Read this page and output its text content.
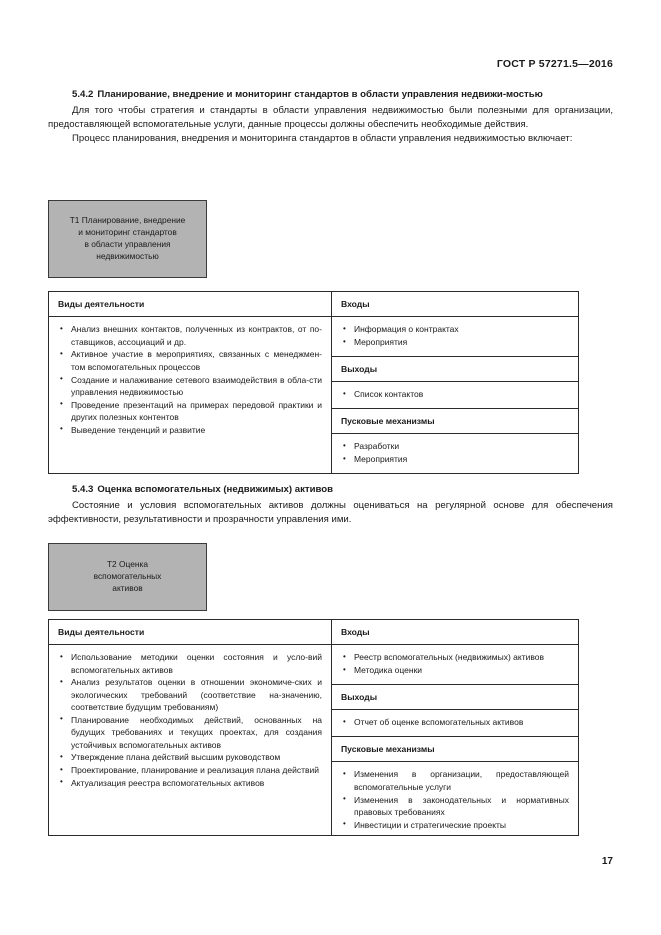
ГОСТ Р 57271.5—2016
5.4.2 Планирование, внедрение и мониторинг стандартов в области управления недвижи-мостью

Для того чтобы стратегия и стандарты в области управления недвижимостью были полезными для организации, предоставляющей вспомогательные услуги, данные процессы должны обеспечить необходимые действия.

Процесс планирования, внедрения и мониторинга стандартов в области управления недвижимостью включает:

T1 Планирование, внедрение
и мониторинг стандартов
в области управления
недвижимостью
Виды деятельности
• Анализ внешних контактов, полученных из контрактов, от по-ставщиков, ассоциаций и др.
• Активное участие в мероприятиях, связанных с менеджмен-том вспомогательных процессов
• Создание и налаживание сетевого взаимодействия в обла-сти управления недвижимостью
• Проведение презентаций на примерах передовой практики и других полезных контентов
• Выведение тенденций и развитие
Входы
• Информация о контрактах
• Мероприятия
Выходы
• Список контактов
Пусковые механизмы
• Разработки
• Мероприятия
5.4.3 Оценка вспомогательных (недвижимых) активов

Состояние и условия вспомогательных активов должны оцениваться на регулярной основе для обеспечения эффективности, результативности и прозрачности управления ими.

T2 Оценка
вспомогательных
активов
Виды деятельности
• Использование методики оценки состояния и усло-вий вспомогательных активов
• Анализ результатов оценки в отношении экономиче-ских и экологических требований (соответствие на-значению, соответствие будущим требованиям)
• Планирование необходимых действий, основанных на будущих требованиях и текущих проектах, для создания устойчивых вспомогательных активов
• Утверждение плана действий высшим руководством
• Проектирование, планирование и реализация плана действий
• Актуализация реестра вспомогательных активов
Входы
• Реестр вспомогательных (недвижимых) активов
• Методика оценки
Выходы
• Отчет об оценке вспомогательных активов
Пусковые механизмы
• Изменения в организации, предоставляющей вспомогательные услуги
• Изменения в законодательных и нормативных правовых требованиях
• Инвестиции и стратегические проекты
17
